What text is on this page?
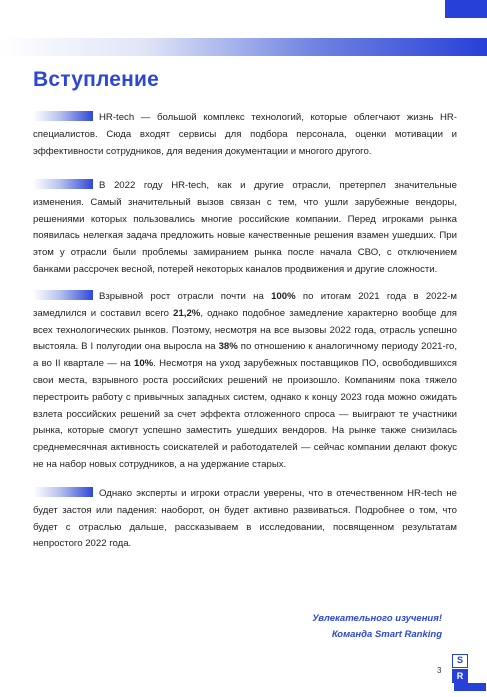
Вступление

HR-tech — большой комплекс технологий, которые облегчают жизнь HR-специалистов. Сюда входят сервисы для подбора персонала, оценки мотивации и эффективности сотрудников, для ведения документации и многого другого.

В 2022 году HR-tech, как и другие отрасли, претерпел значительные изменения. Самый значительный вызов связан с тем, что ушли зарубежные вендоры, решениями которых пользовались многие российские компании. Перед игроками рынка появилась нелегкая задача предложить новые качественные решения взамен ушедших. При этом у отрасли были проблемы замиранием рынка после начала СВО, с отключением банками рассрочек весной, потерей некоторых каналов продвижения и другие сложности.

Взрывной рост отрасли почти на 100% по итогам 2021 года в 2022-м замедлился и составил всего 21,2%, однако подобное замедление характерно вообще для всех технологических рынков. Поэтому, несмотря на все вызовы 2022 года, отрасль успешно выстояла. В I полугодии она выросла на 38% по отношению к аналогичному периоду 2021-го, а во II квартале — на 10%. Несмотря на уход зарубежных поставщиков ПО, освободившихся свои места, взрывного роста российских решений не произошло. Компаниям пока тяжело перестроить работу с привычных западных систем, однако к концу 2023 года можно ожидать взлета российских решений за счет эффекта отложенного спроса — выиграют те участники рынка, которые смогут успешно заместить ушедших вендоров. На рынке также снизилась среднемесячная активность соискателей и работодателей — сейчас компании делают фокус не на набор новых сотрудников, а на удержание старых.

Однако эксперты и игроки отрасли уверены, что в отечественном HR-tech не будет застоя или падения: наоборот, он будет активно развиваться. Подробнее о том, что будет с отраслью дальше, рассказываем в исследовании, посвященном результатам непростого 2022 года.

Увлекательного изучения!
Команда Smart Ranking
3
S
R
